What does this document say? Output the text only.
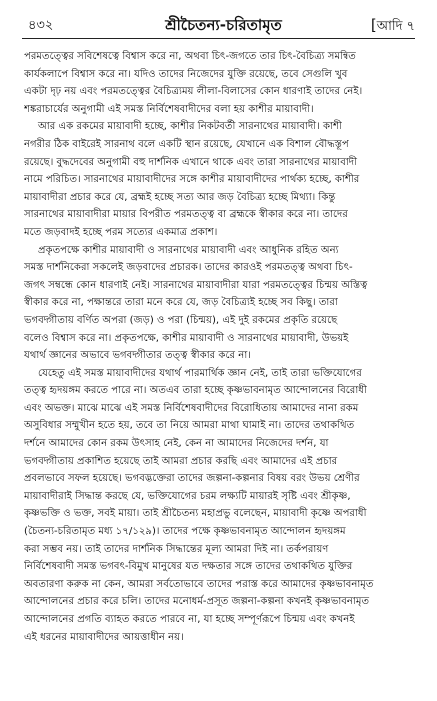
৪৩২	শ্রীচৈতন্য-চরিতামৃত	[আদি ৭
পরমতত্ত্বের সবিশেষত্বে বিশ্বাস করে না, অথবা চিৎ-জগতে তার চিৎ-বৈচিত্র্য সমন্বিত
কার্যকলাপে বিশ্বাস করে না। যদিও তাদের নিজেদের যুক্তি রয়েছে, তবে সেগুলি খুব
একটা দৃঢ় নয় এবং পরমতত্ত্বের বৈচিত্র্যময় লীলা-বিলাসের কোন ধারণাই তাদের নেই।
শঙ্করাচার্যের অনুগামী এই সমস্ত নির্বিশেষবাদীদের বলা হয় কাশীর মায়াবাদী।
আর এক রকমের মায়াবাদী হচ্ছে, কাশীর নিকটবর্তী সারনাথের মায়াবাদী। কাশী
নগরীর ঠিক বাইরেই সারনাথ বলে একটি স্থান রয়েছে, যেখানে এক বিশাল বৌদ্ধস্তূপ
রয়েছে। বুদ্ধদেবের অনুগামী বহু দার্শনিক এখানে থাকে এবং তারা সারনাথের মায়াবাদী
নামে পরিচিত। সারনাথের মায়াবাদীদের সঙ্গে কাশীর মায়াবাদীদের পার্থক্য হচ্ছে, কাশীর
মায়াবাদীরা প্রচার করে যে, ব্রহ্মই হচ্ছে সত্য আর জড় বৈচিত্র্য হচ্ছে মিথ্যা। কিন্তু
সারনাথের মায়াবাদীরা মায়ার বিপরীত পরমতত্ত্ব বা ব্রহ্মকে স্বীকার করে না। তাদের
মতে জড়বাদই হচ্ছে পরম সত্যের একমাত্র প্রকাশ।
প্রকৃতপক্ষে কাশীর মায়াবাদী ও সারনাথের মায়াবাদী এবং আধুনিক রহিত অন্য
সমস্ত দার্শনিকেরা সকলেই জড়বাদের প্রচারক। তাদের কারওই পরমতত্ত্ব অথবা চিৎ-
জগৎ সম্বন্ধে কোন ধারণাই নেই। সারনাথের মায়াবাদীরা যারা পরমতত্ত্বের চিন্ময় অস্তিত্ব
স্বীকার করে না, পক্ষান্তরে তারা মনে করে যে, জড় বৈচিত্র্যই হচ্ছে সব কিছু। তারা
ভগবদ্গীতায় বর্ণিত অপরা (জড়) ও পরা (চিন্ময়), এই দুই রকমের প্রকৃতি রয়েছে
বলেও বিশ্বাস করে না। প্রকৃতপক্ষে, কাশীর মায়াবাদী ও সারনাথের মায়াবাদী, উভয়ই
যথার্থ জ্ঞানের অভাবে ভগবদ্গীতার তত্ত্ব স্বীকার করে না।
যেহেতু এই সমস্ত মায়াবাদীদের যথার্থ পারমার্থিক জ্ঞান নেই, তাই তারা ভক্তিযোগের
তত্ত্ব হৃদয়ঙ্গম করতে পারে না। অতএব তারা হচ্ছে কৃষ্ণভাবনামৃত আন্দোলনের বিরোধী
এবং অভক্ত। মাঝে মাঝে এই সমস্ত নির্বিশেষবাদীদের বিরোধিতায় আমাদের নানা রকম
অসুবিধার সম্মুখীন হতে হয়, তবে তা নিয়ে আমরা মাথা ঘামাই না। তাদের তথাকথিত
দর্শনে আমাদের কোন রকম উৎসাহ নেই, কেন না আমাদের নিজেদের দর্শন, যা
ভগবদ্গীতায় প্রকাশিত হয়েছে তাই আমরা প্রচার করছি এবং আমাদের এই প্রচার
প্রবলভাবে সফল হয়েছে। ভগবদ্ভক্তেরা তাদের জল্পনা-কল্পনার বিষয় বরং উভয় শ্রেণীর
মায়াবাদীরাই সিদ্ধান্ত করছে যে, ভক্তিযোগের চরম লক্ষ্যটি মায়ারই সৃষ্টি এবং শ্রীকৃষ্ণ,
কৃষ্ণভক্তি ও ভক্ত, সবই মায়া। তাই শ্রীচৈতন্য মহাপ্রভু বলেছেন, মায়াবাদী কৃষ্ণে অপরাধী
(চৈতন্য-চরিতামৃত মধ্য ১৭/১২৯)। তাদের পক্ষে কৃষ্ণভাবনামৃত আন্দোলন হৃদয়ঙ্গম
করা সম্ভব নয়। তাই তাদের দার্শনিক সিদ্ধান্তের মূল্য আমরা দিই না। তর্কপরায়ণ
নির্বিশেষবাদী সমস্ত ভগবৎ-বিমুখ মানুষের যত দক্ষতার সঙ্গে তাদের তথাকথিত যুক্তির
অবতারণা করুক না কেন, আমরা সর্বতোভাবে তাদের পরাস্ত করে আমাদের কৃষ্ণভাবনামৃত
আন্দোলনের প্রচার করে চলি। তাদের মনোধর্ম-প্রসূত জল্পনা-কল্পনা কখনই কৃষ্ণভাবনামৃত
আন্দোলনের প্রগতি ব্যাহত করতে পারবে না, যা হচ্ছে সম্পূর্ণরূপে চিন্ময় এবং কখনই
এই ধরনের মায়াবাদীদের আয়ত্তাধীন নয়।
